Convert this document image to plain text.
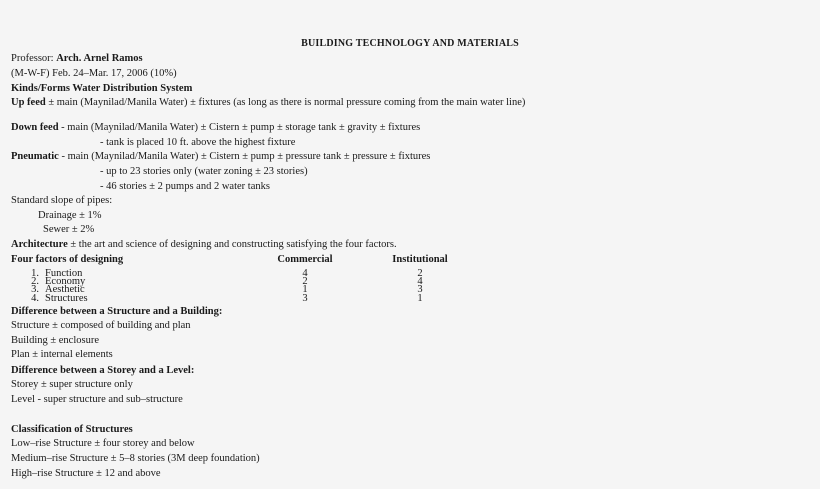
BUILDING TECHNOLOGY AND MATERIALS
Professor: Arch. Arnel Ramos
(M-W-F) Feb. 24–Mar. 17, 2006 (10%)
Kinds/Forms Water Distribution System
Up feed ± main (Maynilad/Manila Water) ± fixtures (as long as there is normal pressure coming from the main water line)
Down feed - main (Maynilad/Manila Water) ± Cistern ± pump ± storage tank ± gravity ± fixtures
- tank is placed 10 ft. above the highest fixture
Pneumatic - main (Maynilad/Manila Water) ± Cistern ± pump ± pressure tank ± pressure ± fixtures
- up to 23 stories only (water zoning ± 23 stories)
- 46 stories ± 2 pumps and 2 water tanks
Standard slope of pipes:
Drainage ± 1%
Sewer ± 2%
Architecture ± the art and science of designing and constructing satisfying the four factors.
Four factors of designing		Commercial	Institutional
1.	Function	4	2
2.	Economy	2	4
3.	Aesthetic	1	3
4.	Structures	3	1
Difference between a Structure and a Building:
Structure ± composed of building and plan
Building ± enclosure
Plan ± internal elements
Difference between a Storey and a Level:
Storey ± super structure only
Level - super structure and sub–structure
Classification of Structures
Low–rise Structure ± four storey and below
Medium–rise Structure ± 5–8 stories (3M deep foundation)
High–rise Structure ± 12 and above
